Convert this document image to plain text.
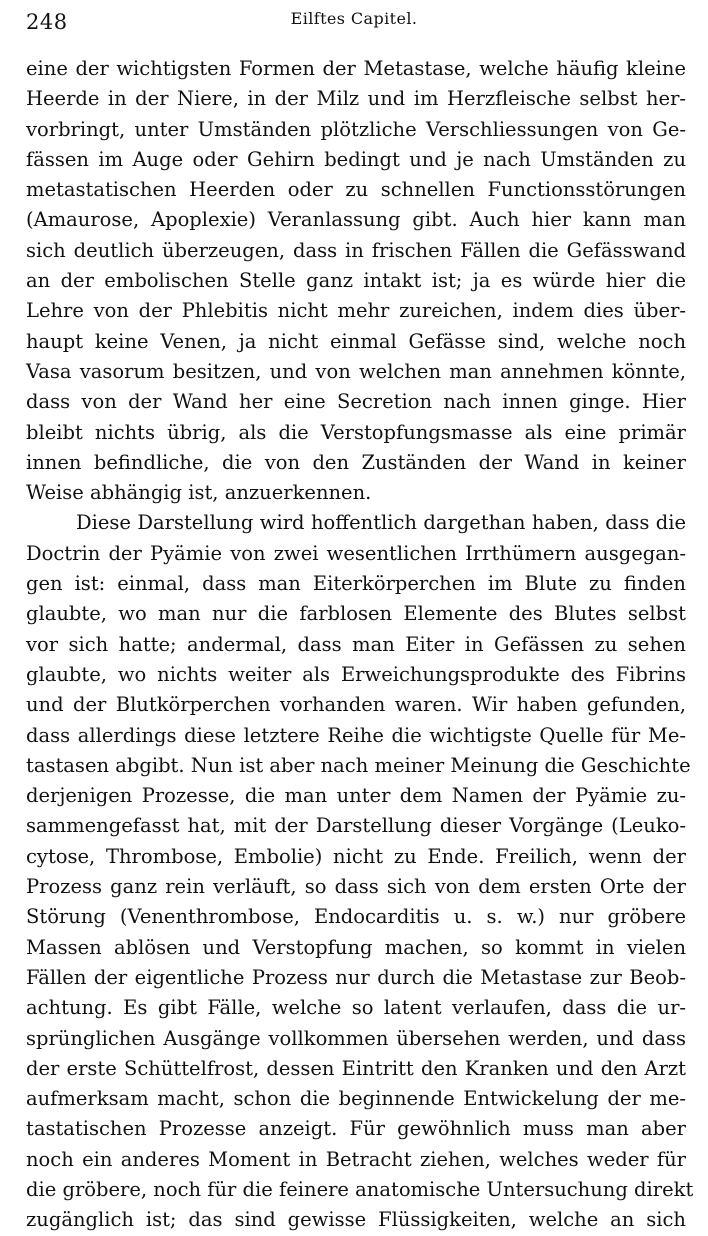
248	Eilftes Capitel.
eine der wichtigsten Formen der Metastase, welche häufig kleine
Heerde in der Niere, in der Milz und im Herzfleische selbst her-
vorbringt, unter Umständen plötzliche Verschliessungen von Ge-
fässen im Auge oder Gehirn bedingt und je nach Umständen zu
metastatischen Heerden oder zu schnellen Functionsstörungen
(Amaurose, Apoplexie) Veranlassung gibt. Auch hier kann man
sich deutlich überzeugen, dass in frischen Fällen die Gefässwand
an der embolischen Stelle ganz intakt ist; ja es würde hier die
Lehre von der Phlebitis nicht mehr zureichen, indem dies über-
haupt keine Venen, ja nicht einmal Gefässe sind, welche noch
Vasa vasorum besitzen, und von welchen man annehmen könnte,
dass von der Wand her eine Secretion nach innen ginge. Hier
bleibt nichts übrig, als die Verstopfungsmasse als eine primär
innen befindliche, die von den Zuständen der Wand in keiner
Weise abhängig ist, anzuerkennen.
Diese Darstellung wird hoffentlich dargethan haben, dass die
Doctrin der Pyämie von zwei wesentlichen Irrthümern ausgegan-
gen ist: einmal, dass man Eiterkörperchen im Blute zu finden
glaubte, wo man nur die farblosen Elemente des Blutes selbst
vor sich hatte; andermal, dass man Eiter in Gefässen zu sehen
glaubte, wo nichts weiter als Erweichungsprodukte des Fibrins
und der Blutkörperchen vorhanden waren. Wir haben gefunden,
dass allerdings diese letztere Reihe die wichtigste Quelle für Me-
tastasen abgibt. Nun ist aber nach meiner Meinung die Geschichte
derjenigen Prozesse, die man unter dem Namen der Pyämie zu-
sammengefasst hat, mit der Darstellung dieser Vorgänge (Leuko-
cytose, Thrombose, Embolie) nicht zu Ende. Freilich, wenn der
Prozess ganz rein verläuft, so dass sich von dem ersten Orte der
Störung (Venenthrombose, Endocarditis u. s. w.) nur gröbere
Massen ablösen und Verstopfung machen, so kommt in vielen
Fällen der eigentliche Prozess nur durch die Metastase zur Beob-
achtung. Es gibt Fälle, welche so latent verlaufen, dass die ur-
sprünglichen Ausgänge vollkommen übersehen werden, und dass
der erste Schüttelfrost, dessen Eintritt den Kranken und den Arzt
aufmerksam macht, schon die beginnende Entwickelung der me-
tastatischen Prozesse anzeigt. Für gewöhnlich muss man aber
noch ein anderes Moment in Betracht ziehen, welches weder für
die gröbere, noch für die feinere anatomische Untersuchung direkt
zugänglich ist; das sind gewisse Flüssigkeiten, welche an sich
